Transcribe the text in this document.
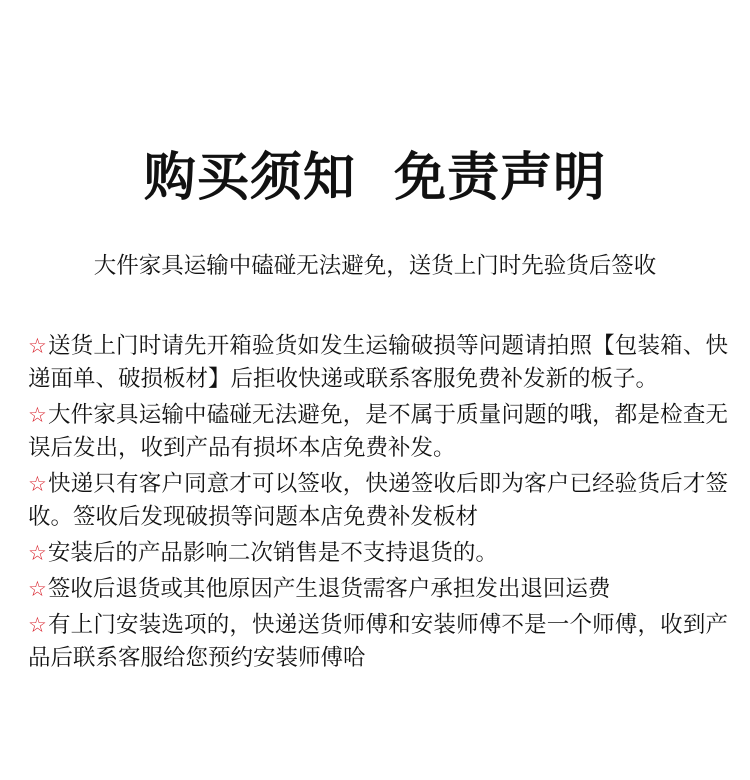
购买须知  免责声明
大件家具运输中磕碰无法避免，送货上门时先验货后签收
☆送货上门时请先开箱验货如发生运输破损等问题请拍照【包装箱、快递面单、破损板材】后拒收快递或联系客服免费补发新的板子。
☆大件家具运输中磕碰无法避免，是不属于质量问题的哦，都是检查无误后发出，收到产品有损坏本店免费补发。
☆快递只有客户同意才可以签收，快递签收后即为客户已经验货后才签收。签收后发现破损等问题本店免费补发板材
☆安装后的产品影响二次销售是不支持退货的。
☆签收后退货或其他原因产生退货需客户承担发出退回运费
☆有上门安装选项的，快递送货师傅和安装师傅不是一个师傅，收到产品后联系客服给您预约安装师傅哈
